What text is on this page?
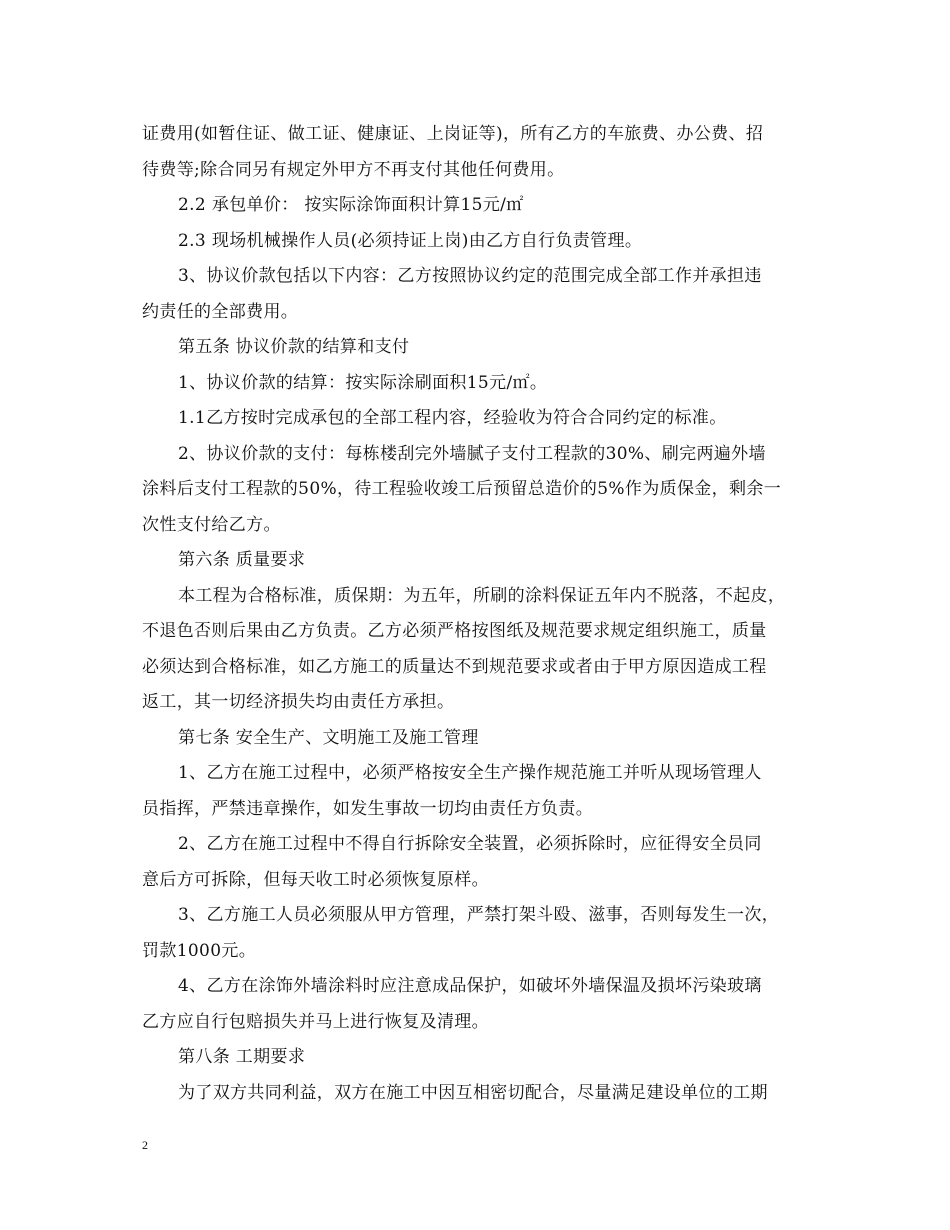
证费用(如暂住证、做工证、健康证、上岗证等)，所有乙方的车旅费、办公费、招
待费等;除合同另有规定外甲方不再支付其他任何费用。
2.2 承包单价： 按实际涂饰面积计算15元/㎡
2.3 现场机械操作人员(必须持证上岗)由乙方自行负责管理。
3、协议价款包括以下内容：乙方按照协议约定的范围完成全部工作并承担违
约责任的全部费用。
第五条 协议价款的结算和支付
1、协议价款的结算：按实际涂刷面积15元/㎡。
1.1乙方按时完成承包的全部工程内容，经验收为符合合同约定的标准。
2、协议价款的支付：每栋楼刮完外墙腻子支付工程款的30%、刷完两遍外墙
涂料后支付工程款的50%，待工程验收竣工后预留总造价的5%作为质保金，剩余一
次性支付给乙方。
第六条 质量要求
本工程为合格标准，质保期：为五年，所刷的涂料保证五年内不脱落，不起皮，
不退色否则后果由乙方负责。乙方必须严格按图纸及规范要求规定组织施工，质量
必须达到合格标准，如乙方施工的质量达不到规范要求或者由于甲方原因造成工程
返工，其一切经济损失均由责任方承担。
第七条 安全生产、文明施工及施工管理
1、乙方在施工过程中，必须严格按安全生产操作规范施工并听从现场管理人
员指挥，严禁违章操作，如发生事故一切均由责任方负责。
2、乙方在施工过程中不得自行拆除安全装置，必须拆除时，应征得安全员同
意后方可拆除，但每天收工时必须恢复原样。
3、乙方施工人员必须服从甲方管理，严禁打架斗殴、滋事，否则每发生一次，
罚款1000元。
4、乙方在涂饰外墙涂料时应注意成品保护，如破坏外墙保温及损坏污染玻璃
乙方应自行包赔损失并马上进行恢复及清理。
第八条 工期要求
为了双方共同利益，双方在施工中因互相密切配合，尽量满足建设单位的工期
2
